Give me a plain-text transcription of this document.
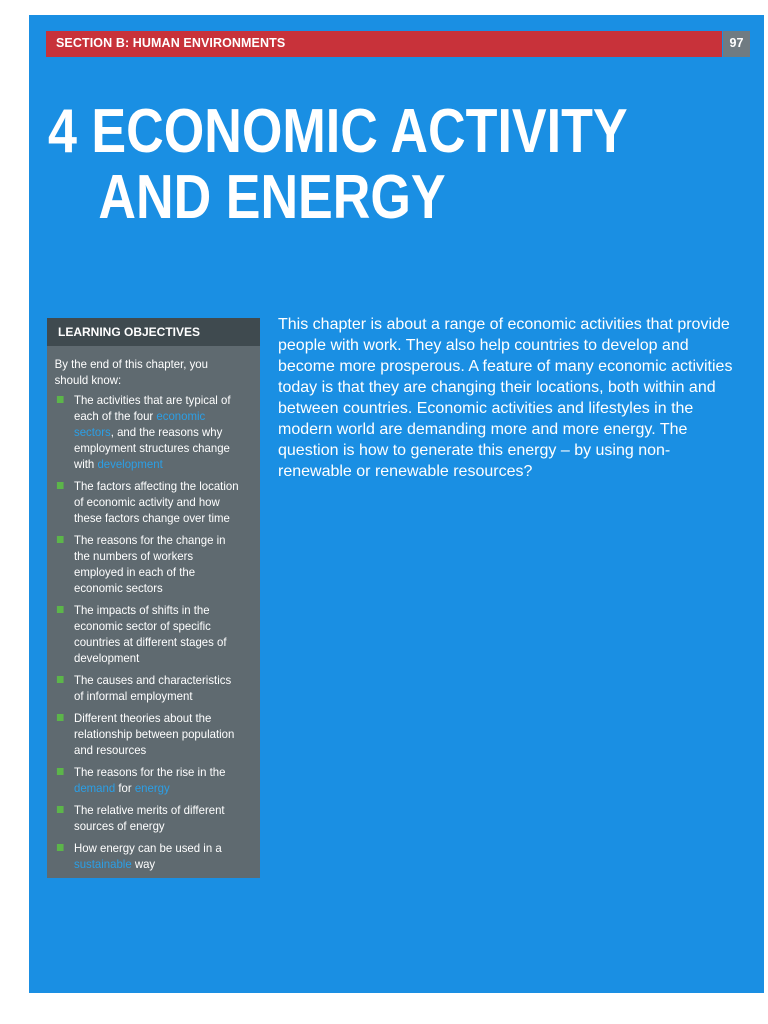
SECTION B: HUMAN ENVIRONMENTS	97
4 ECONOMIC ACTIVITY
AND ENERGY
LEARNING OBJECTIVES
By the end of this chapter, you should know:
The activities that are typical of each of the four economic sectors, and the reasons why employment structures change with development
The factors affecting the location of economic activity and how these factors change over time
The reasons for the change in the numbers of workers employed in each of the economic sectors
The impacts of shifts in the economic sector of specific countries at different stages of development
The causes and characteristics of informal employment
Different theories about the relationship between population and resources
The reasons for the rise in the demand for energy
The relative merits of different sources of energy
How energy can be used in a sustainable way

This chapter is about a range of economic activities that provide people with work. They also help countries to develop and become more prosperous. A feature of many economic activities today is that they are changing their locations, both within and between countries. Economic activities and lifestyles in the modern world are demanding more and more energy. The question is how to generate this energy – by using non-renewable or renewable resources?
